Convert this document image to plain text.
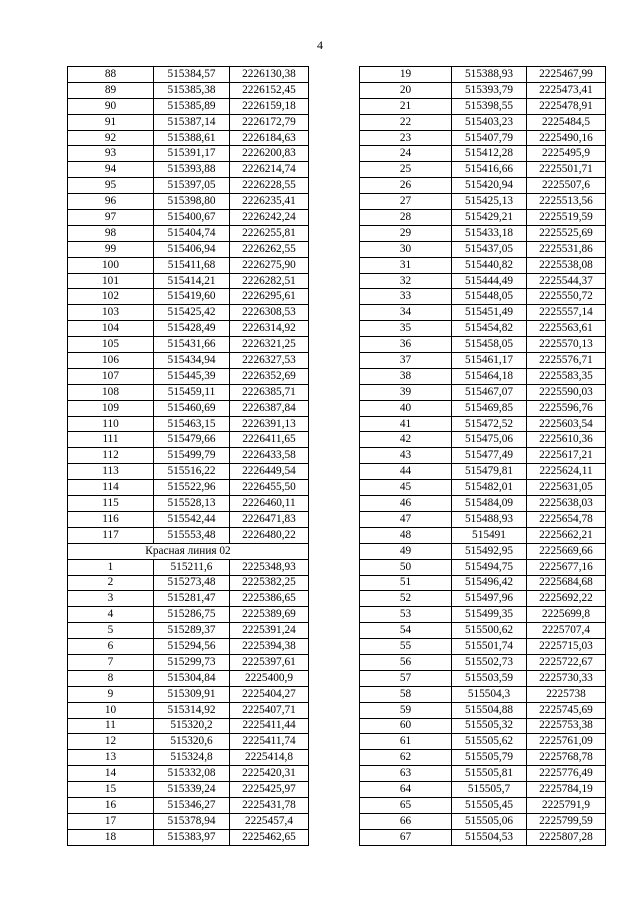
4
88	515384,57	2226130,38
89	515385,38	2226152,45
90	515385,89	2226159,18
91	515387,14	2226172,79
92	515388,61	2226184,63
93	515391,17	2226200,83
94	515393,88	2226214,74
95	515397,05	2226228,55
96	515398,80	2226235,41
97	515400,67	2226242,24
98	515404,74	2226255,81
99	515406,94	2226262,55
100	515411,68	2226275,90
101	515414,21	2226282,51
102	515419,60	2226295,61
103	515425,42	2226308,53
104	515428,49	2226314,92
105	515431,66	2226321,25
106	515434,94	2226327,53
107	515445,39	2226352,69
108	515459,11	2226385,71
109	515460,69	2226387,84
110	515463,15	2226391,13
111	515479,66	2226411,65
112	515499,79	2226433,58
113	515516,22	2226449,54
114	515522,96	2226455,50
115	515528,13	2226460,11
116	515542,44	2226471,83
117	515553,48	2226480,22
Красная линия 02		
1	515211,6	2225348,93
2	515273,48	2225382,25
3	515281,47	2225386,65
4	515286,75	2225389,69
5	515289,37	2225391,24
6	515294,56	2225394,38
7	515299,73	2225397,61
8	515304,84	2225400,9
9	515309,91	2225404,27
10	515314,92	2225407,71
11	515320,2	2225411,44
12	515320,6	2225411,74
13	515324,8	2225414,8
14	515332,08	2225420,31
15	515339,24	2225425,97
16	515346,27	2225431,78
17	515378,94	2225457,4
18	515383,97	2225462,65
19	515388,93	2225467,99
20	515393,79	2225473,41
21	515398,55	2225478,91
22	515403,23	2225484,5
23	515407,79	2225490,16
24	515412,28	2225495,9
25	515416,66	2225501,71
26	515420,94	2225507,6
27	515425,13	2225513,56
28	515429,21	2225519,59
29	515433,18	2225525,69
30	515437,05	2225531,86
31	515440,82	2225538,08
32	515444,49	2225544,37
33	515448,05	2225550,72
34	515451,49	2225557,14
35	515454,82	2225563,61
36	515458,05	2225570,13
37	515461,17	2225576,71
38	515464,18	2225583,35
39	515467,07	2225590,03
40	515469,85	2225596,76
41	515472,52	2225603,54
42	515475,06	2225610,36
43	515477,49	2225617,21
44	515479,81	2225624,11
45	515482,01	2225631,05
46	515484,09	2225638,03
47	515488,93	2225654,78
48	515491	2225662,21
49	515492,95	2225669,66
50	515494,75	2225677,16
51	515496,42	2225684,68
52	515497,96	2225692,22
53	515499,35	2225699,8
54	515500,62	2225707,4
55	515501,74	2225715,03
56	515502,73	2225722,67
57	515503,59	2225730,33
58	515504,3	2225738
59	515504,88	2225745,69
60	515505,32	2225753,38
61	515505,62	2225761,09
62	515505,79	2225768,78
63	515505,81	2225776,49
64	515505,7	2225784,19
65	515505,45	2225791,9
66	515505,06	2225799,59
67	515504,53	2225807,28
